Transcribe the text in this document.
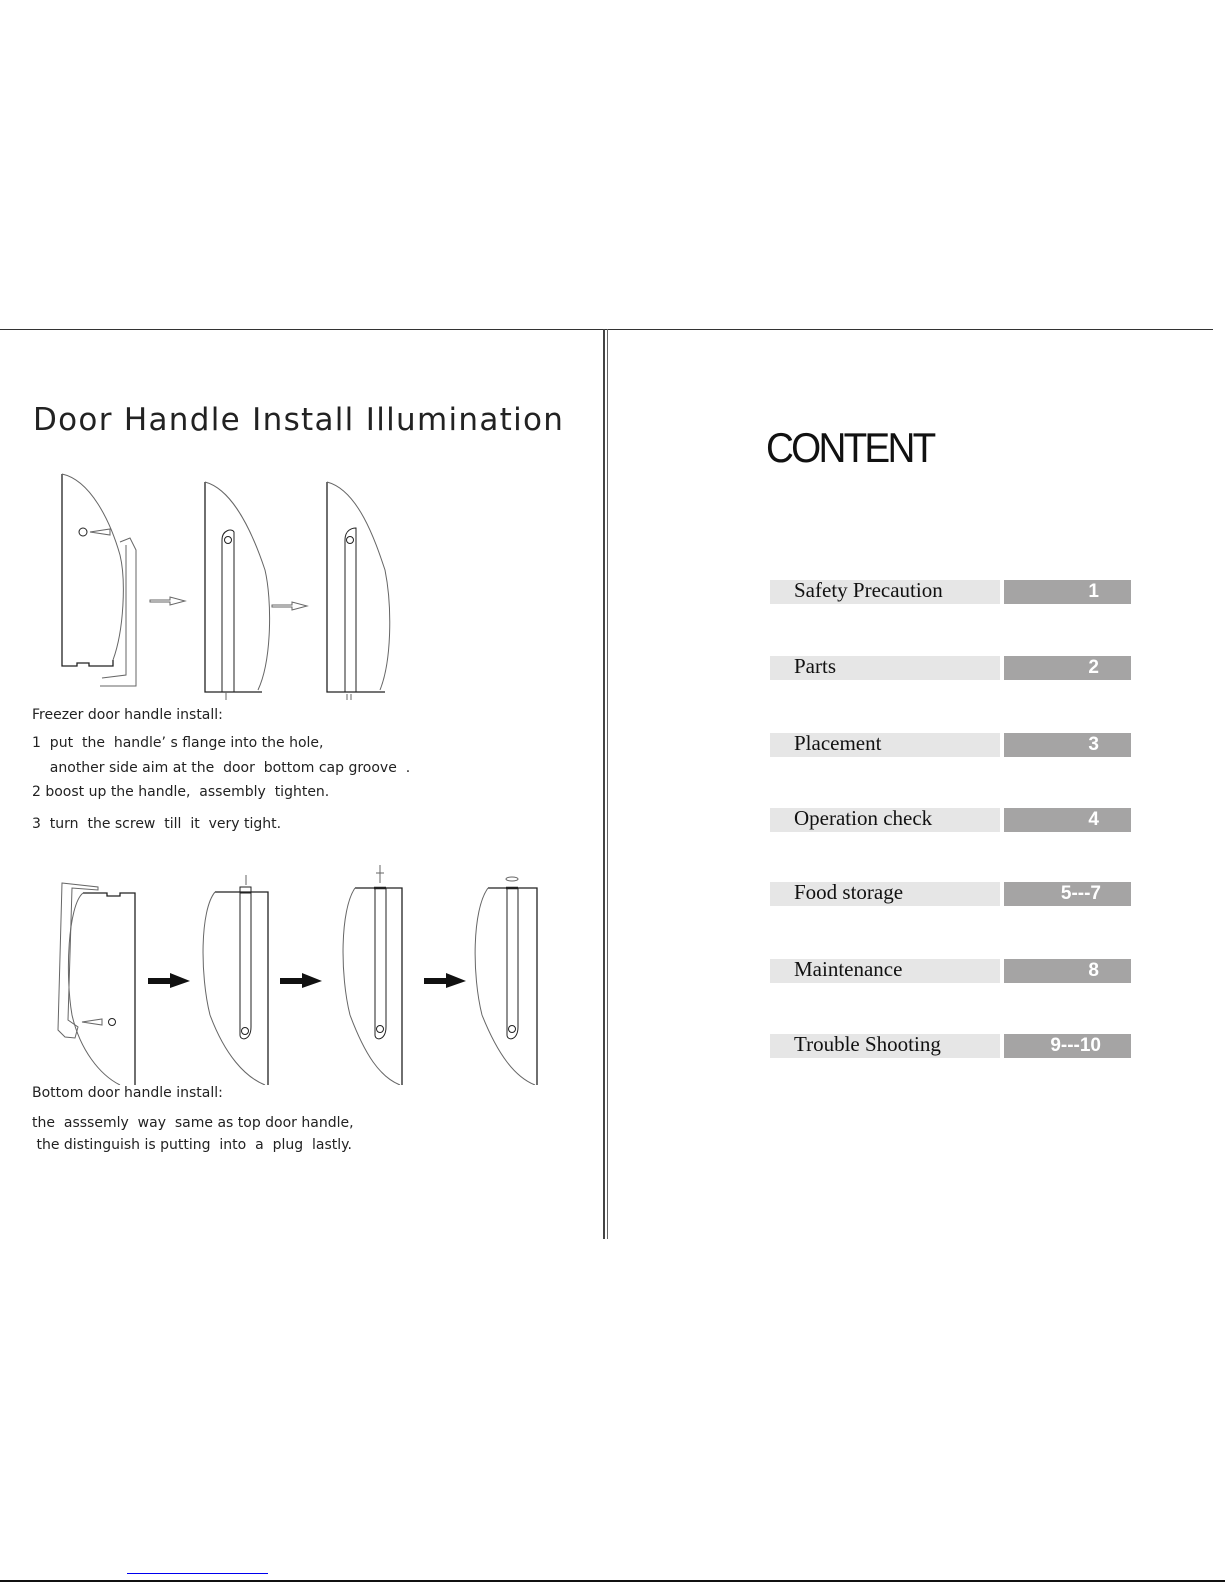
Door Handle Install Illumination
Freezer door handle install:
1  put  the  handle’ s flange into the hole,
another side aim at the  door  bottom cap groove  .
2 boost up the handle,  assembly  tighten.
3  turn  the screw  till  it  very tight.
Bottom door handle install:
the  asssemly  way  same as top door handle,
the distinguish is putting  into  a  plug  lastly.
CONTENT
Safety Precaution	1
Parts	2
Placement	3
Operation check	4
Food storage	5---7
Maintenance	8
Trouble Shooting	9---10
